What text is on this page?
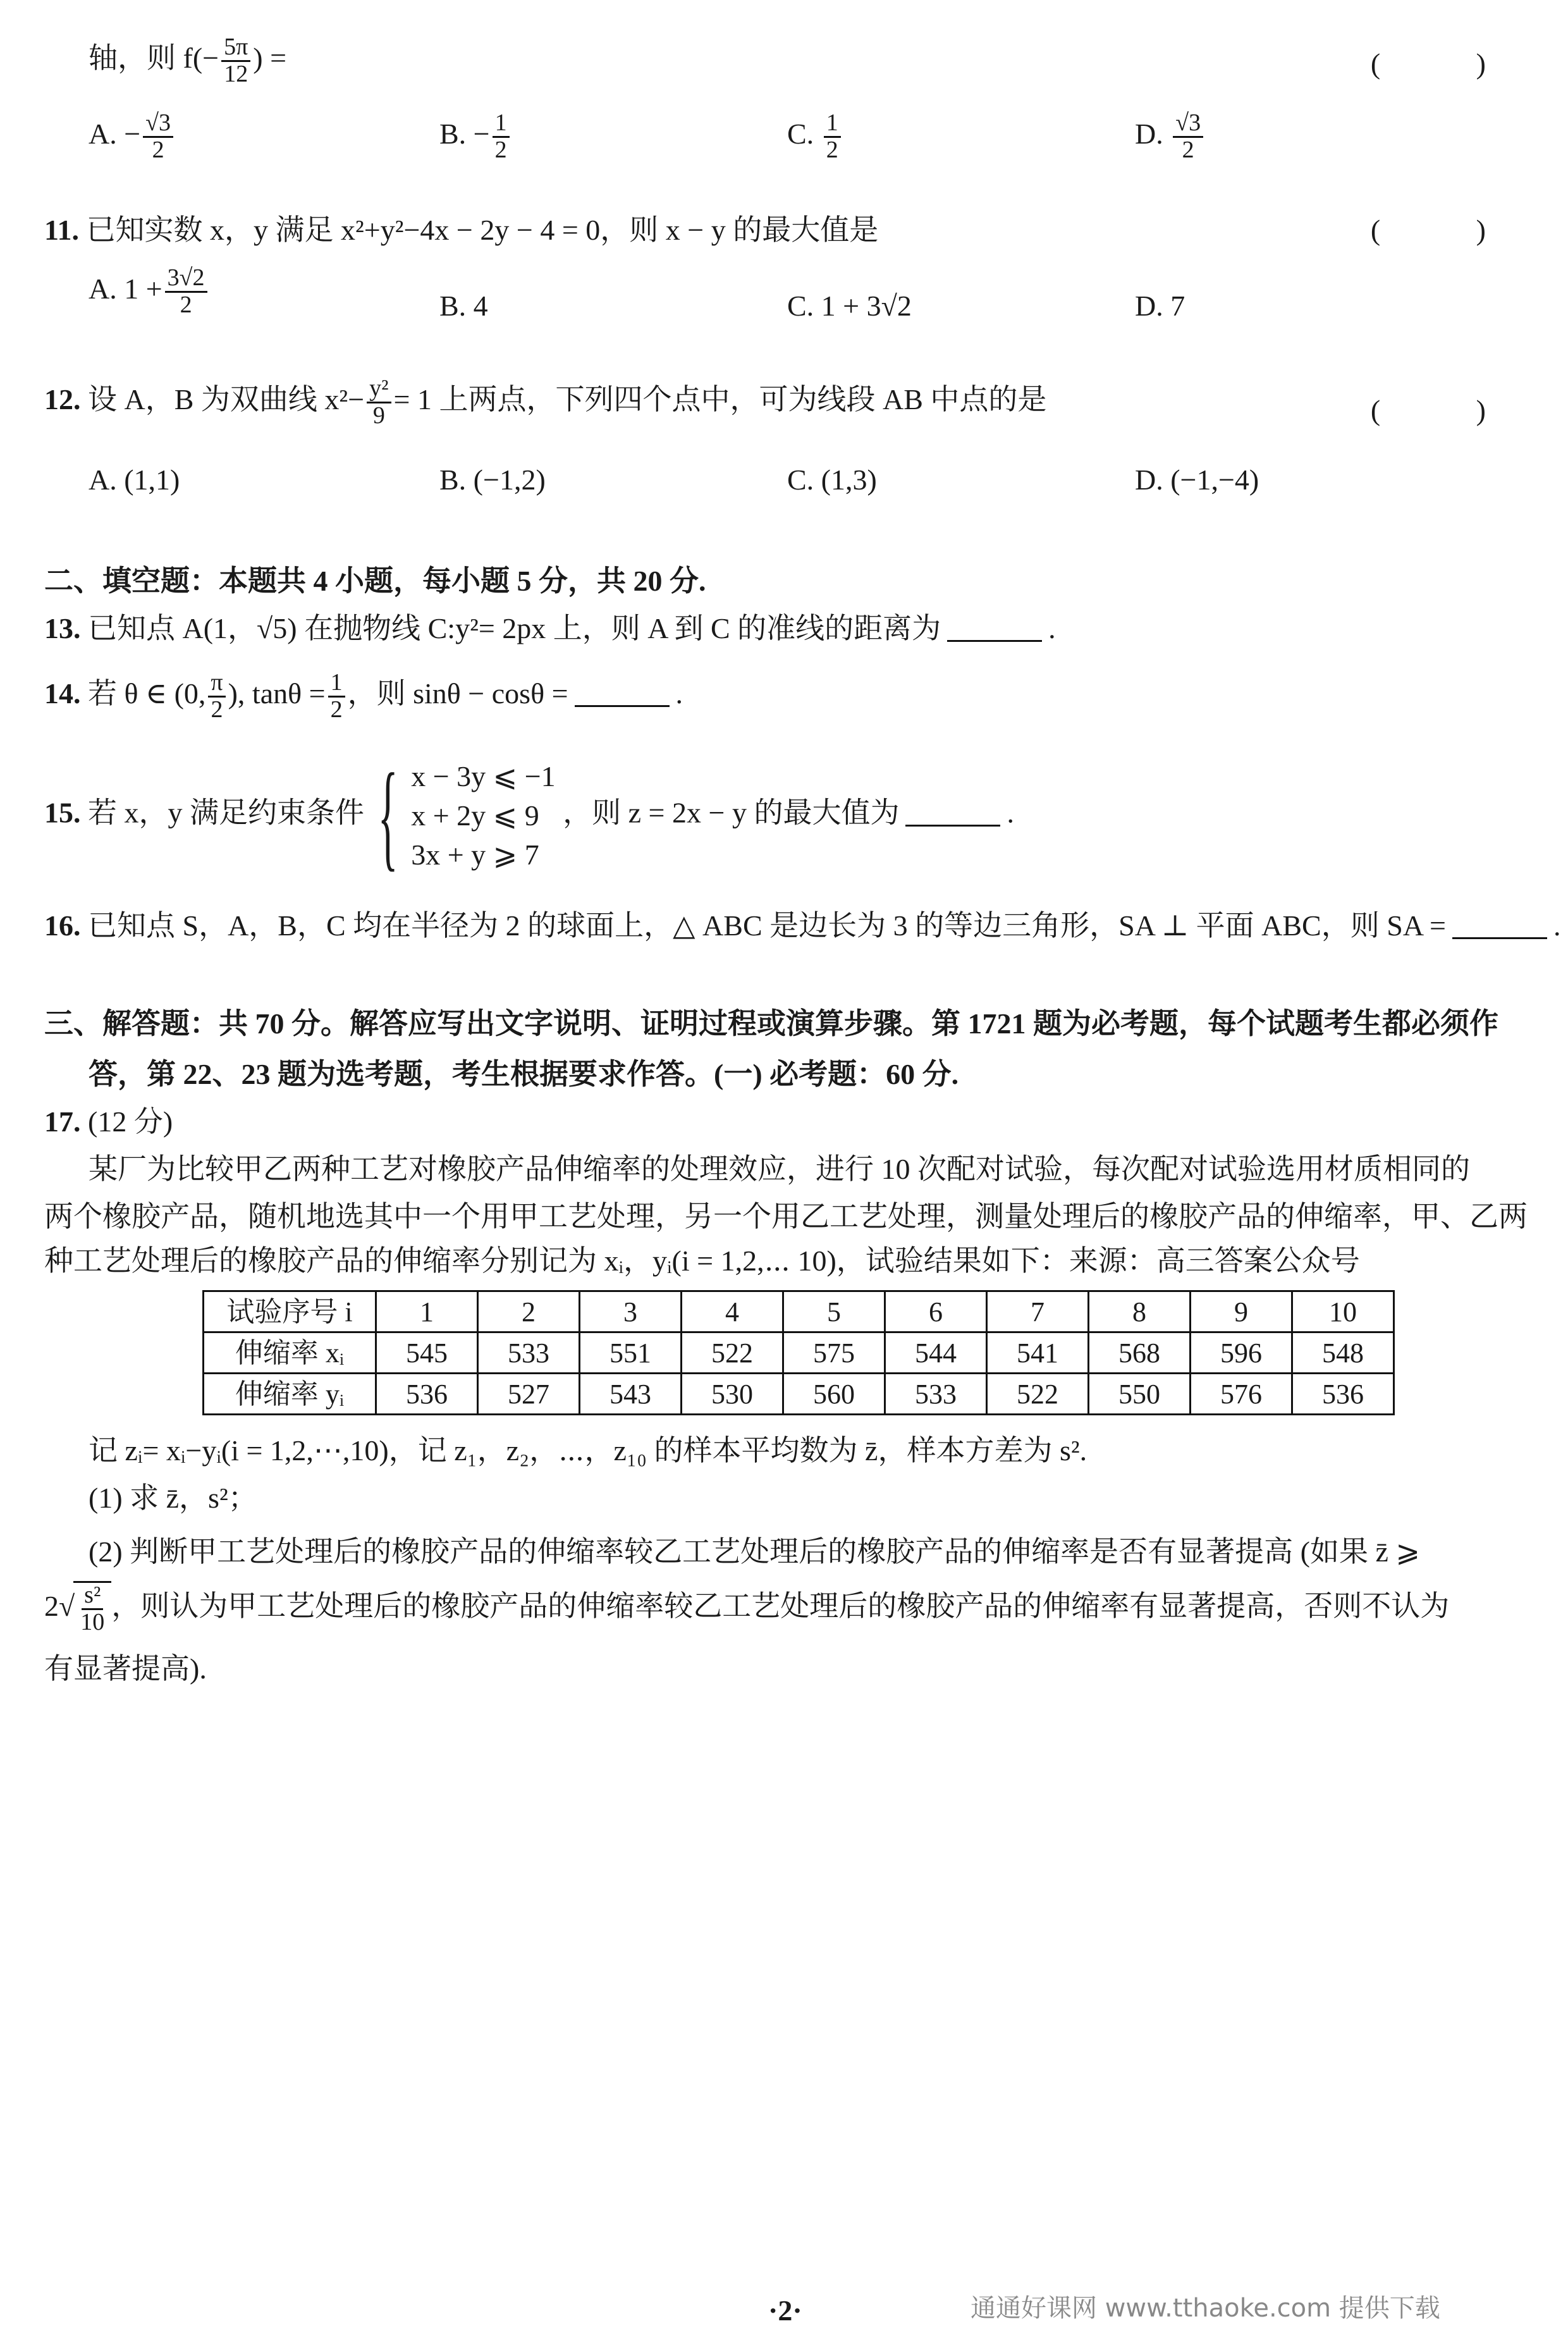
轴，则 $f(- \frac{5\pi}{12}$ ) =	( )
A. − $\frac{√3}{2}$	B. − $\frac{1}{2}$	C. $\frac{1}{2}$	D. $\frac{√3}{2}$
11. 已知实数 x，y 满足 x²+y²−4x − 2y − 4 = 0，则 x − y 的最大值是	( )
A. $1 + \frac{3√2}{2}$	B. 4	C. 1 + 3√2	D. 7
12. 设 A，B 为双曲线 $x^2- \frac{\text{y²}}{9} = 1$ 上两点，下列四个点中，可为线段 AB 中点的是	( )
A. (1,1)	B. (−1,2)	C. (1,3)	D. (−1,−4)
二、填空题：本题共 4 小题，每小题 5 分，共 20 分.
13. 已知点 A(1，√5) 在抛物线 C:y²= 2px 上，则 A 到 C 的准线的距离为	.
14. 若 θ ∈ (0, $\frac{\pi}{2}$ ), $\tan\theta = \frac{1}{2}$ ，则 sinθ − cosθ =	.
15. 若 x，y 满足约束条件 { x − 3y ⩽ −1
x + 2y ⩽ 9
3x + y ⩾ 7
，则 z = 2x − y 的最大值为	.
16. 已知点 S，A，B，C 均在半径为 2 的球面上，△ ABC 是边长为 3 的等边三角形，SA ⊥ 平面 ABC，则 SA =	.
三、解答题：共 70 分。解答应写出文字说明、证明过程或演算步骤。第 1721 题为必考题，每个试题考生都必须作
答，第 22、23 题为选考题，考生根据要求作答。(一) 必考题：60 分.
17. (12 分)
某厂为比较甲乙两种工艺对橡胶产品伸缩率的处理效应，进行 10 次配对试验，每次配对试验选用材质相同的
两个橡胶产品，随机地选其中一个用甲工艺处理，另一个用乙工艺处理，测量处理后的橡胶产品的伸缩率，甲、乙两
种工艺处理后的橡胶产品的伸缩率分别记为 xᵢ，yᵢ(i = 1,2,⋯ 10)，试验结果如下：来源：高三答案公众号
试验序号 i	1	2	3	4	5	6	7	8	9	10
伸缩率 xᵢ	545	533	551	522	575	544	541	568	596	548
伸缩率 yᵢ	536	527	543	530	560	533	522	550	576	536
记 zᵢ= xᵢ−yᵢ(i = 1,2,⋯,10)，记 z₁，z₂，⋯，z₁₀ 的样本平均数为 z̄，样本方差为 s².
(1) 求 z̄，s²；
(2) 判断甲工艺处理后的橡胶产品的伸缩率较乙工艺处理后的橡胶产品的伸缩率是否有显著提高 (如果 z̄ ⩾
$2√ \frac{\text{s²}}{10}$ ，则认为甲工艺处理后的橡胶产品的伸缩率较乙工艺处理后的橡胶产品的伸缩率有显著提高，否则不认为
有显著提高).
·2·	通通好课网 www.tthaoke.com 提供下载
